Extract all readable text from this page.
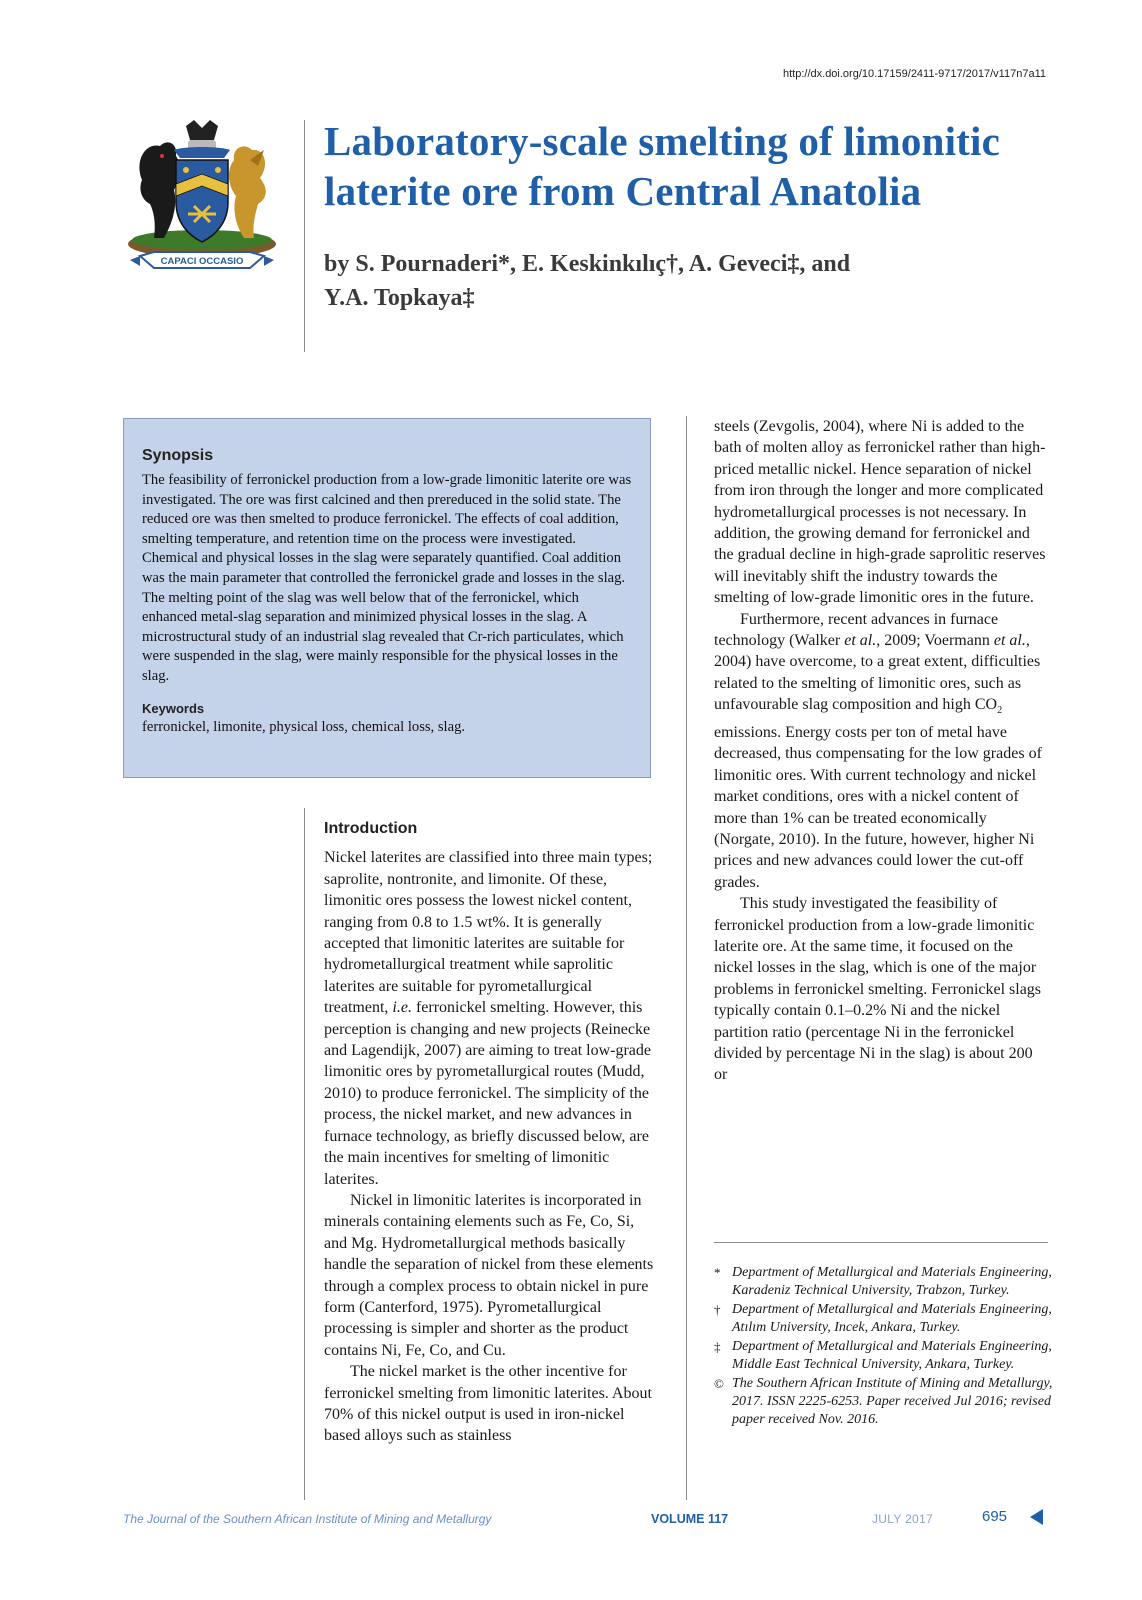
http://dx.doi.org/10.17159/2411-9717/2017/v117n7a11
CAPACI OCCASIO
Laboratory-scale smelting of limonitic laterite ore from Central Anatolia
by S. Pournaderi*, E. Keskinkılıç†, A. Geveci‡, and
Y.A. Topkaya‡
Synopsis
The feasibility of ferronickel production from a low-grade limonitic laterite ore was investigated. The ore was first calcined and then prereduced in the solid state. The reduced ore was then smelted to produce ferronickel. The effects of coal addition, smelting temperature, and retention time on the process were investigated. Chemical and physical losses in the slag were separately quantified. Coal addition was the main parameter that controlled the ferronickel grade and losses in the slag. The melting point of the slag was well below that of the ferronickel, which enhanced metal-slag separation and minimized physical losses in the slag. A microstructural study of an industrial slag revealed that Cr-rich particulates, which were suspended in the slag, were mainly responsible for the physical losses in the slag.
Keywords
ferronickel, limonite, physical loss, chemical loss, slag.
Introduction

Nickel laterites are classified into three main types; saprolite, nontronite, and limonite. Of these, limonitic ores possess the lowest nickel content, ranging from 0.8 to 1.5 wt%. It is generally accepted that limonitic laterites are suitable for hydrometallurgical treatment while saprolitic laterites are suitable for pyrometallurgical treatment, i.e. ferronickel smelting. However, this perception is changing and new projects (Reinecke and Lagendijk, 2007) are aiming to treat low-grade limonitic ores by pyrometallurgical routes (Mudd, 2010) to produce ferronickel. The simplicity of the process, the nickel market, and new advances in furnace technology, as briefly discussed below, are the main incentives for smelting of limonitic laterites.

Nickel in limonitic laterites is incorporated in minerals containing elements such as Fe, Co, Si, and Mg. Hydrometallurgical methods basically handle the separation of nickel from these elements through a complex process to obtain nickel in pure form (Canterford, 1975). Pyrometallurgical processing is simpler and shorter as the product contains Ni, Fe, Co, and Cu.

The nickel market is the other incentive for ferronickel smelting from limonitic laterites. About 70% of this nickel output is used in iron-nickel based alloys such as stainless

steels (Zevgolis, 2004), where Ni is added to the bath of molten alloy as ferronickel rather than high-priced metallic nickel. Hence separation of nickel from iron through the longer and more complicated hydrometallurgical processes is not necessary. In addition, the growing demand for ferronickel and the gradual decline in high-grade saprolitic reserves will inevitably shift the industry towards the smelting of low-grade limonitic ores in the future.

Furthermore, recent advances in furnace technology (Walker et al., 2009; Voermann et al., 2004) have overcome, to a great extent, difficulties related to the smelting of limonitic ores, such as unfavourable slag composition and high $CO_2$ emissions. Energy costs per ton of metal have decreased, thus compensating for the low grades of limonitic ores. With current technology and nickel market conditions, ores with a nickel content of more than 1% can be treated economically (Norgate, 2010). In the future, however, higher Ni prices and new advances could lower the cut-off grades.

This study investigated the feasibility of ferronickel production from a low-grade limonitic laterite ore. At the same time, it focused on the nickel losses in the slag, which is one of the major problems in ferronickel smelting. Ferronickel slags typically contain 0.1–0.2% Ni and the nickel partition ratio (percentage Ni in the ferronickel divided by percentage Ni in the slag) is about 200 or

* Department of Metallurgical and Materials Engineering, Karadeniz Technical University, Trabzon, Turkey.
† Department of Metallurgical and Materials Engineering, Atılım University, Incek, Ankara, Turkey.
‡ Department of Metallurgical and Materials Engineering, Middle East Technical University, Ankara, Turkey.
© The Southern African Institute of Mining and Metallurgy, 2017. ISSN 2225-6253. Paper received Jul 2016; revised paper received Nov. 2016.
The Journal of the Southern African Institute of Mining and Metallurgy	VOLUME 117	JULY 2017	695
